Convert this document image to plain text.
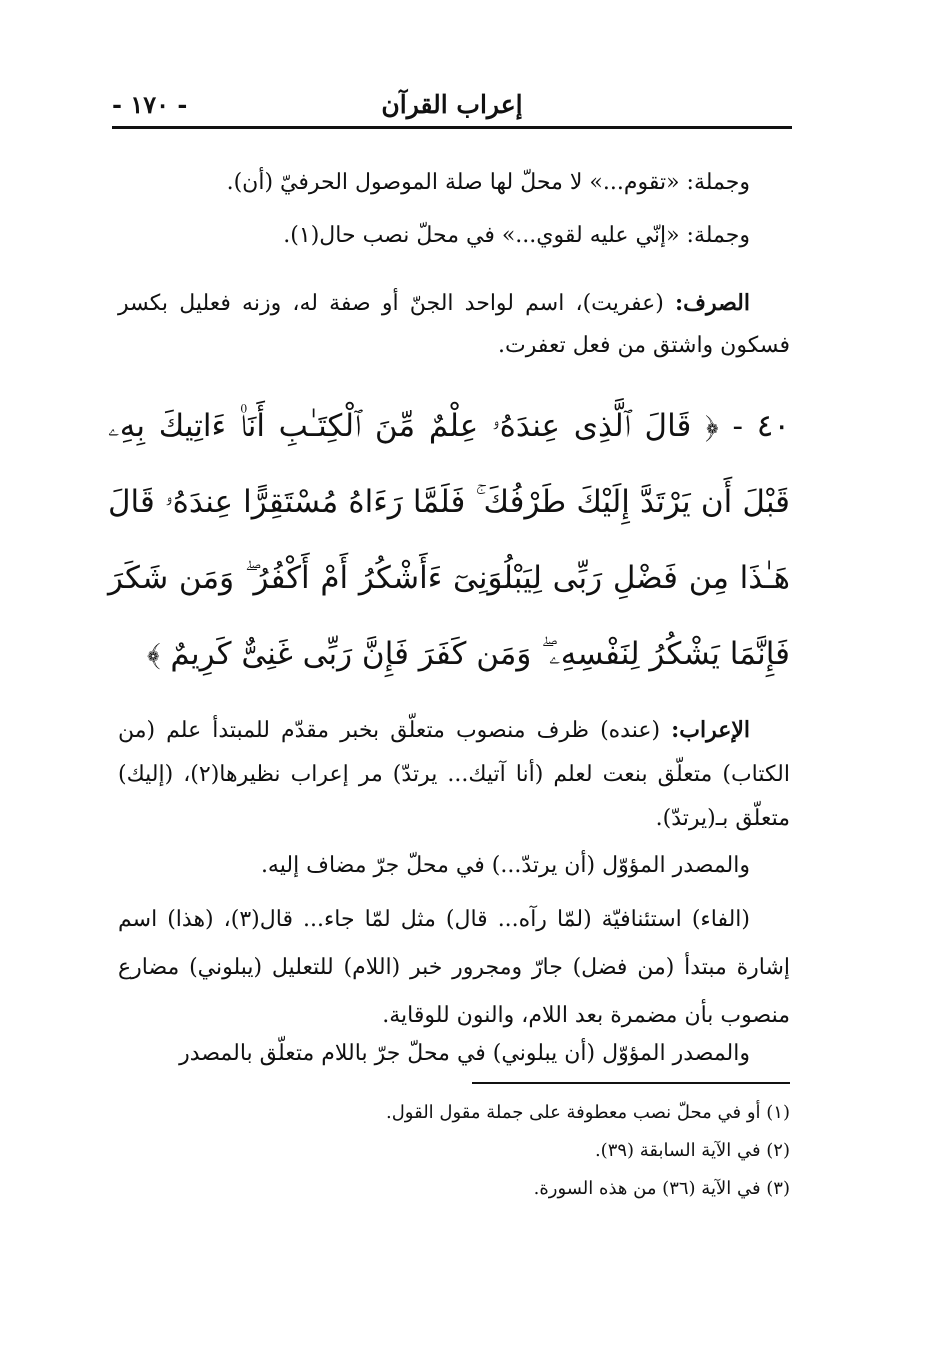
إعراب القرآن
- ١٧٠ -
وجملة: «تقوم...» لا محلّ لها صلة الموصول الحرفيّ (أن).
وجملة: «إنّي عليه لقوي...» في محلّ نصب حال(١).
الصرف: (عفريت)، اسم لواحد الجنّ أو صفة له، وزنه فعليل بكسر فسكون واشتق من فعل تعفرت.
٤٠ - ﴿ قَالَ ٱلَّذِى عِندَهُۥ عِلْمٌ مِّنَ ٱلْكِتَـٰبِ أَنَا۠ ءَاتِيكَ بِهِۦ قَبْلَ أَن يَرْتَدَّ إِلَيْكَ طَرْفُكَ ۚ فَلَمَّا رَءَاهُ مُسْتَقِرًّا عِندَهُۥ قَالَ هَـٰذَا مِن فَضْلِ رَبِّى لِيَبْلُوَنِىٓ ءَأَشْكُرُ أَمْ أَكْفُرُ ۖ وَمَن شَكَرَ فَإِنَّمَا يَشْكُرُ لِنَفْسِهِۦ ۖ وَمَن كَفَرَ فَإِنَّ رَبِّى غَنِىٌّ كَرِيمٌ ﴾
الإعراب: (عنده) ظرف منصوب متعلّق بخبر مقدّم للمبتدأ علم (من الكتاب) متعلّق بنعت لعلم (أنا آتيك... يرتدّ) مر إعراب نظيرها(٢)، (إليك) متعلّق بـ(يرتدّ).
والمصدر المؤوّل (أن يرتدّ...) في محلّ جرّ مضاف إليه.
(الفاء) استئنافيّة (لمّا رآه... قال) مثل لمّا جاء... قال(٣)، (هذا) اسم إشارة مبتدأ (من فضل) جارّ ومجرور خبر (اللام) للتعليل (يبلوني) مضارع منصوب بأن مضمرة بعد اللام، والنون للوقاية.
والمصدر المؤوّل (أن يبلوني) في محلّ جرّ باللام متعلّق بالمصدر
(١) أو في محلّ نصب معطوفة على جملة مقول القول.
(٢) في الآية السابقة (٣٩).
(٣) في الآية (٣٦) من هذه السورة.
